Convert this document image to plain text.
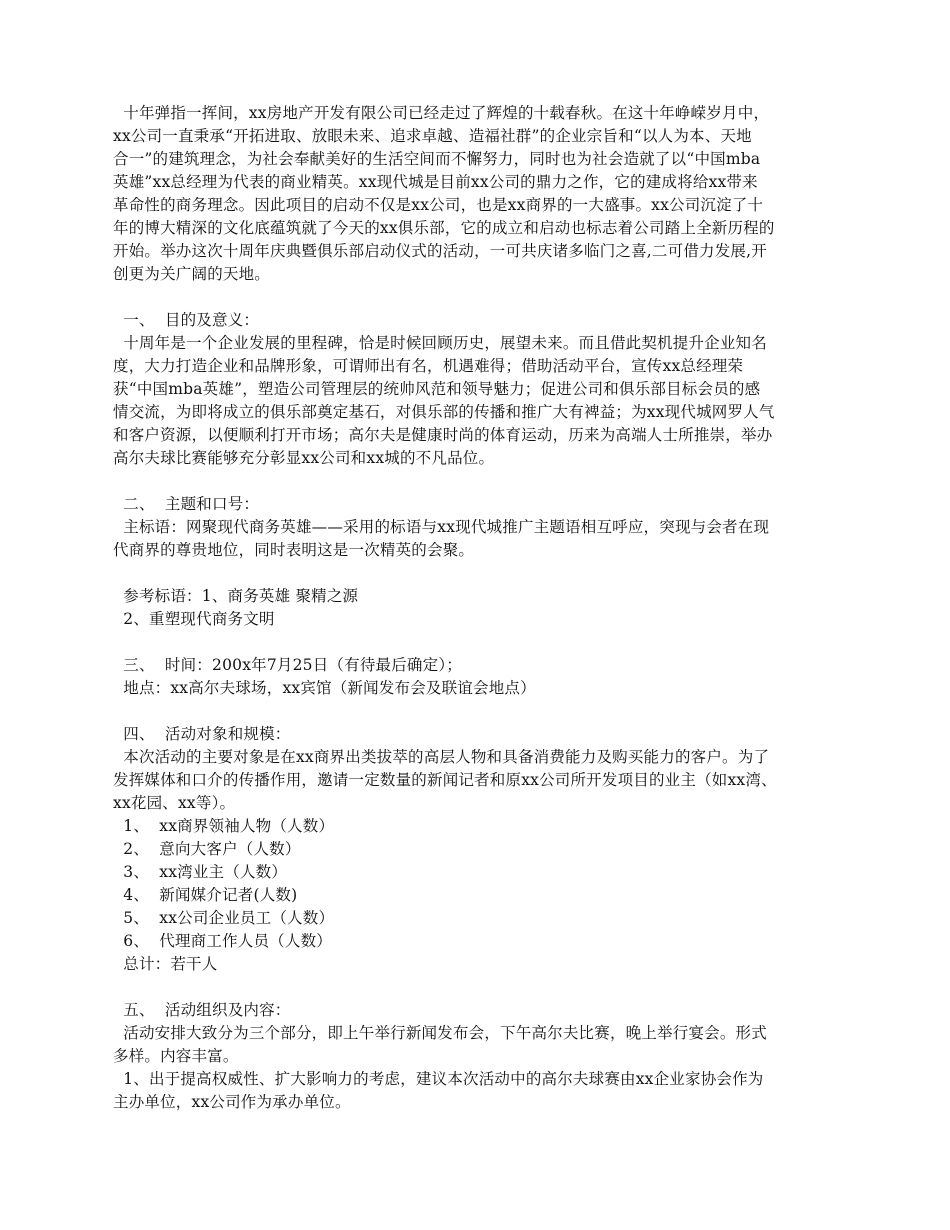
十年弹指一挥间，xx房地产开发有限公司已经走过了辉煌的十载春秋。在这十年峥嵘岁月中，
xx公司一直秉承“开拓进取、放眼未来、追求卓越、造福社群”的企业宗旨和“以人为本、天地
合一”的建筑理念，为社会奉献美好的生活空间而不懈努力，同时也为社会造就了以“中国mba
英雄”xx总经理为代表的商业精英。xx现代城是目前xx公司的鼎力之作，它的建成将给xx带来
革命性的商务理念。因此项目的启动不仅是xx公司，也是xx商界的一大盛事。xx公司沉淀了十
年的博大精深的文化底蕴筑就了今天的xx俱乐部，它的成立和启动也标志着公司踏上全新历程的
开始。举办这次十周年庆典暨俱乐部启动仪式的活动，一可共庆诸多临门之喜,二可借力发展,开
创更为关广阔的天地。
一、  目的及意义：
十周年是一个企业发展的里程碑，恰是时候回顾历史，展望未来。而且借此契机提升企业知名
度，大力打造企业和品牌形象，可谓师出有名，机遇难得；借助活动平台，宣传xx总经理荣
获“中国mba英雄”，塑造公司管理层的统帅风范和领导魅力；促进公司和俱乐部目标会员的感
情交流，为即将成立的俱乐部奠定基石，对俱乐部的传播和推广大有裨益；为xx现代城网罗人气
和客户资源，以便顺利打开市场；高尔夫是健康时尚的体育运动，历来为高端人士所推崇，举办
高尔夫球比赛能够充分彰显xx公司和xx城的不凡品位。
二、  主题和口号：
主标语：网聚现代商务英雄——采用的标语与xx现代城推广主题语相互呼应，突现与会者在现
代商界的尊贵地位，同时表明这是一次精英的会聚。
参考标语：1、商务英雄 聚精之源
2、重塑现代商务文明
三、  时间：200x年7月25日（有待最后确定）；
地点：xx高尔夫球场，xx宾馆（新闻发布会及联谊会地点）
四、  活动对象和规模：
本次活动的主要对象是在xx商界出类拔萃的高层人物和具备消费能力及购买能力的客户。为了
发挥媒体和口介的传播作用，邀请一定数量的新闻记者和原xx公司所开发项目的业主（如xx湾、
xx花园、xx等）。
1、  xx商界领袖人物（人数）
2、  意向大客户（人数）
3、  xx湾业主（人数）
4、  新闻媒介记者(人数)
5、  xx公司企业员工（人数）
6、  代理商工作人员（人数）
总计：若干人
五、  活动组织及内容：
活动安排大致分为三个部分，即上午举行新闻发布会，下午高尔夫比赛，晚上举行宴会。形式
多样。内容丰富。
1、出于提高权威性、扩大影响力的考虑，建议本次活动中的高尔夫球赛由xx企业家协会作为
主办单位，xx公司作为承办单位。
